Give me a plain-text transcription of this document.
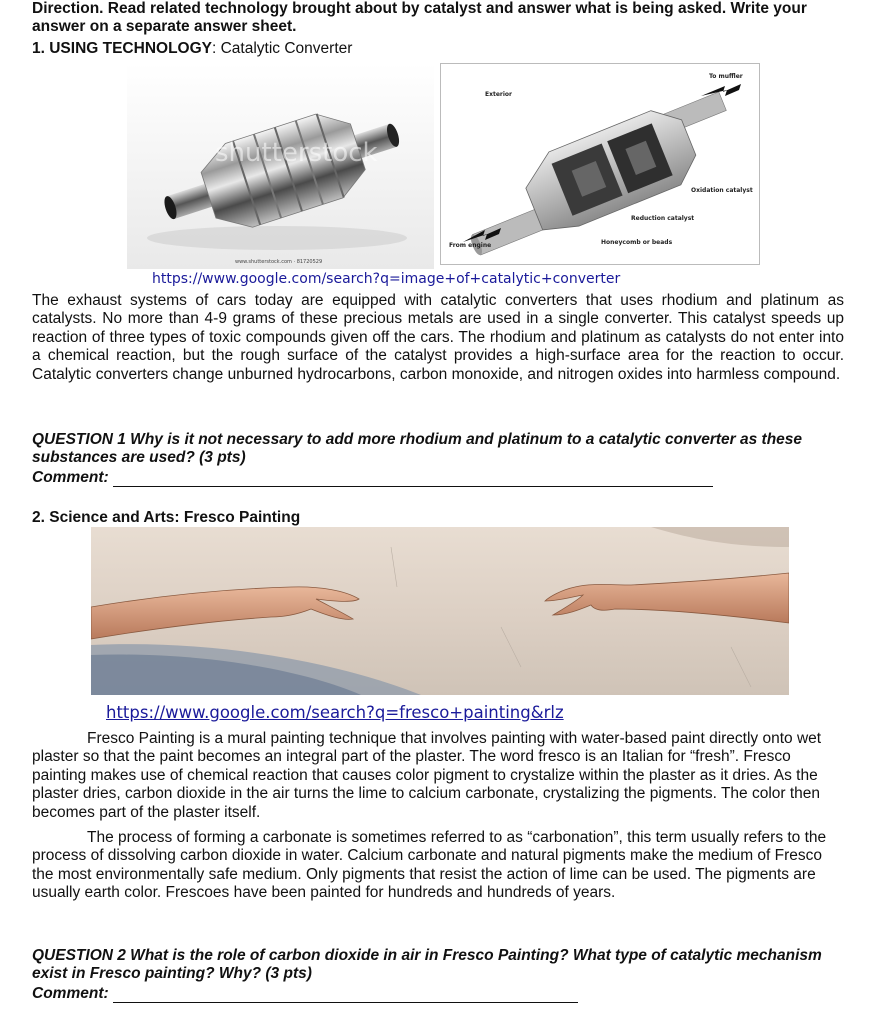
Direction. Read related technology brought about by catalyst and answer what is being asked. Write your answer on a separate answer sheet.
1. USING TECHNOLOGY: Catalytic Converter
shutterstock
www.shutterstock.com · 81720529
Exterior
To muffler
Oxidation catalyst
Reduction catalyst
Honeycomb or beads
From engine
https://www.google.com/search?q=image+of+catalytic+converter
The exhaust systems of cars today are equipped with catalytic converters that uses rhodium and platinum as catalysts. No more than 4-9 grams of these precious metals are used in a single converter. This catalyst speeds up reaction of three types of toxic compounds given off the cars. The rhodium and platinum as catalysts do not enter into a chemical reaction, but the rough surface of the catalyst provides a high-surface area for the reaction to occur. Catalytic converters change unburned hydrocarbons, carbon monoxide, and nitrogen oxides into harmless compound.
QUESTION 1 Why is it not necessary to add more rhodium and platinum to a catalytic converter as these substances are used? (3 pts)
Comment:
2. Science and Arts: Fresco Painting
https://www.google.com/search?q=fresco+painting&rlz
Fresco Painting is a mural painting technique that involves painting with water-based paint directly onto wet plaster so that the paint becomes an integral part of the plaster. The word fresco is an Italian for “fresh”. Fresco painting makes use of chemical reaction that causes color pigment to crystalize within the plaster as it dries. As the plaster dries, carbon dioxide in the air turns the lime to calcium carbonate, crystalizing the pigments. The color then becomes part of the plaster itself.
The process of forming a carbonate is sometimes referred to as “carbonation”, this term usually refers to the process of dissolving carbon dioxide in water. Calcium carbonate and natural pigments make the medium of Fresco the most environmentally safe medium. Only pigments that resist the action of lime can be used. The pigments are usually earth color. Frescoes have been painted for hundreds and hundreds of years.
QUESTION 2 What is the role of carbon dioxide in air in Fresco Painting? What type of catalytic mechanism exist in Fresco painting? Why? (3 pts)
Comment:
